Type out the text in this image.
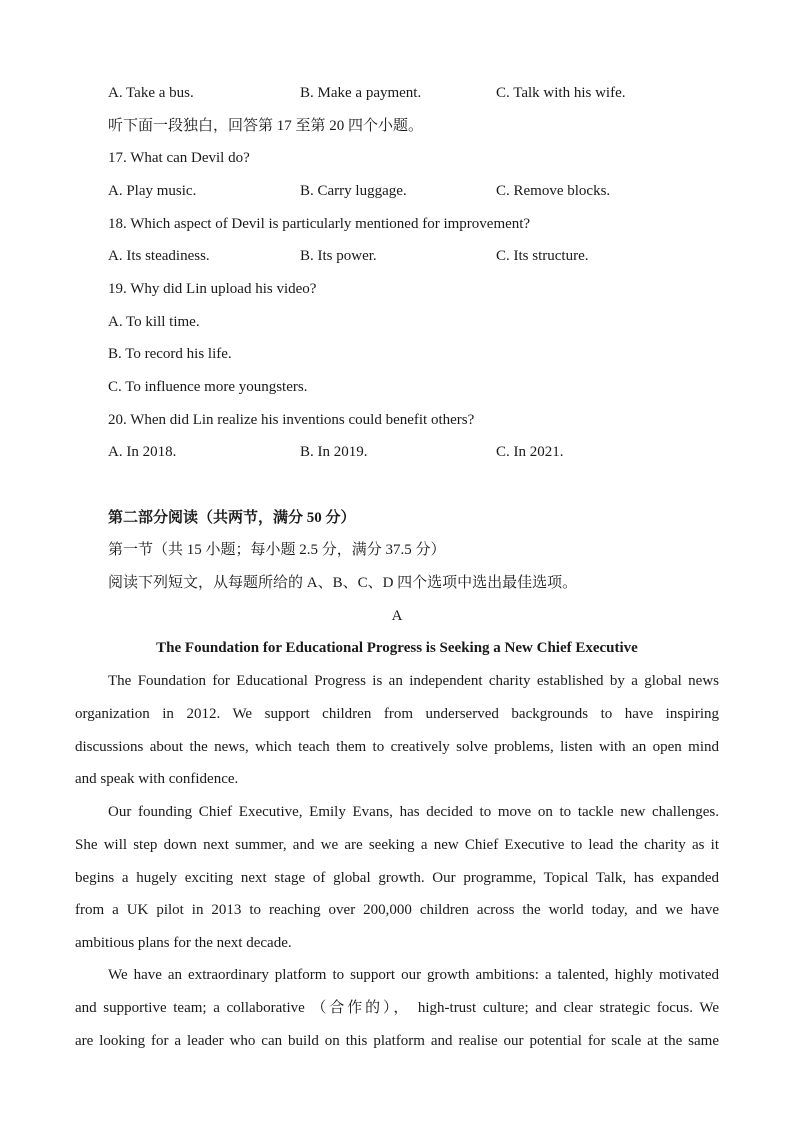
A. Take a bus.	B. Make a payment.	C. Talk with his wife.
听下面一段独白，回答第 17 至第 20 四个小题。
17. What can Devil do?
A. Play music.	B. Carry luggage.	C. Remove blocks.
18. Which aspect of Devil is particularly mentioned for improvement?
A. Its steadiness.	B. Its power.	C. Its structure.
19. Why did Lin upload his video?
A. To kill time.
B. To record his life.
C. To influence more youngsters.
20. When did Lin realize his inventions could benefit others?
A. In 2018.	B. In 2019.	C. In 2021.
第二部分阅读（共两节，满分 50 分）
第一节（共 15 小题；每小题 2.5 分，满分 37.5 分）
阅读下列短文，从每题所给的 A、B、C、D 四个选项中选出最佳选项。
A
The Foundation for Educational Progress is Seeking a New Chief Executive
The Foundation for Educational Progress is an independent charity established by a global news
organization in 2012. We support children from underserved backgrounds to have inspiring
discussions about the news, which teach them to creatively solve problems, listen with an open mind
and speak with confidence.
Our founding Chief Executive, Emily Evans, has decided to move on to tackle new challenges.
She will step down next summer, and we are seeking a new Chief Executive to lead the charity as it
begins a hugely exciting next stage of global growth. Our programme, Topical Talk, has expanded
from a UK pilot in 2013 to reaching over 200,000 children across the world today, and we have
ambitious plans for the next decade.
We have an extraordinary platform to support our growth ambitions: a talented, highly motivated
and supportive team; a collaborative （合作的）， high-trust culture; and clear strategic focus. We
are looking for a leader who can build on this platform and realise our potential for scale at the same
